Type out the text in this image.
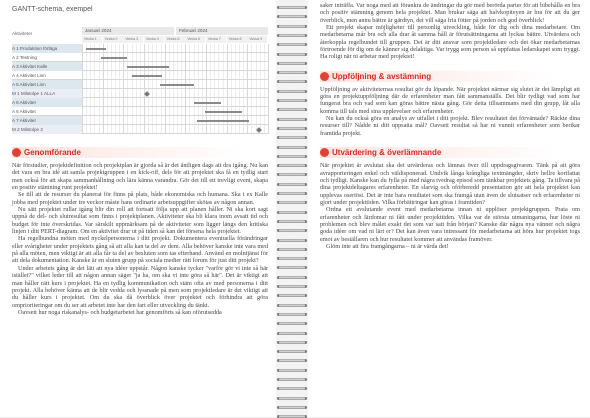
GANTT-schema, exempel
Aktiviteter
Januari 2024	Februari 2024
Vecka 1	Vecka 2	Vecka 3	Vecka 4	Vecka 5	Vecka 6	Vecka 7	Vecka 8	Vecka 9
A 1 Produktion förläga
A 2 Testning
A 3 Aktivitet Kalle
A 4 Aktivitet Linn
A 5 Aktivitet Linn
M 1 Milstolpe 1 ALLA
A 6 Aktivitet
A 6 Aktivitet
A 7 Aktivitet
M 2 Milstolpe 2
Genomförande

När förstudier, projektdefinition och projektplan är gjorda så är det äntligen dags att dra igång. Nu kan det vara en bra idé att samla projektgruppen i en kick-off, dels för att projektet ska få en tydlig start men också för att skapa sammanhållning och lära känna varandra. Gör det till ett trevligt event, skapa en positiv stämning runt projektet!

Se till att de resurser du planerat för finns på plats, både ekonomiska och humana. Ska t ex Kalle jobba med projektet under tre veckor måste hans ordinarie arbetsuppgifter skötas av någon annan.

Nu sätt projektet rullar igång blir din roll att fortsatt följa upp att planen håller. Ni ska kort sagt uppnå de del- och slutresultat som finns i projektplanen. Aktiviteter ska bli klara inom avsatt tid och budget för inte överskridas. Var särskilt uppmärksam på de aktiviteter som ligger längs den kritiska linjen i ditt PERT-diagram. Om en aktivitet drar ut på tiden så kan det försena hela projektet.

Ha regelbundna möten med nyckelpersonerna i ditt projekt. Dokumentera eventuella förändringar eller svårigheter under projektets gång så att alla kan ta del av dem. Alla behöver kanske inte vara med på alla möten, men viktigt är att alla får ta del av besluten som tas efterhand. Använd en molntjänst för att dela dokumentation. Kanske är en sluten grupp på sociala medier rätt forum för just ditt projekt?

Under arbetets gång är det lätt att nya idéer uppstår. Någon kanske tycker "varför gör vi inte så här istället?" vilket leder till att någon annan säger "ja ha, om ska vi inte göra så här". Det är viktigt att man håller rätt kurs i projektet. Ha en tydlig kommunikation och stäm ofta av med personerna i ditt projekt. Alla behöver känna att de blir vedda och lyssnade på men som projektledare är det viktigt att du håller kurs i projektet. Om du ska då överblick över projektet och förhindra att göra omprioriteringar om du ser att arbetet inte har den fart eller utveckling du tänkt.

Oavsett hur noga riskanalys- och budgetarbetet har genomförts så kan oförutsedda

saker inträffa. Var noga med att förankra de ändringar du gör med berörda parter för att bibehålla en bra och positiv stämning genom hela projektet. Man brukar säga att halvkopiteyen är bra för att du ger överblick, men annu bättre är gärdtyn, det vill säga fria fötter på jorden och god överblick!

Ett projekt skapar möjligheter till personlig utveckling, både för dig och dina medarbetare. Om medarbetarna mår bra och alla drar åt samma håll är förutsättningarna att lyckas bättre. Utvärdera och återkoppla regelbundet till gruppen. Det är ditt ansvar som projektledare och det ökar medarbetarnas förtroende för dig om de känner sig delaktiga. Var trygg som person så uppfattas ledarskapet som tryggt. Ha roligt när ni arbetar med projektet!

Uppföljning & avstämning

Uppföljning av aktiviteternas resultat gör du löpande. När projektet närmar sig slutet är det lämpligt att göra en projektuppföljning där de erfarenheter man fått sammanställs. Det blir tydligt vad som har fungerat bra och vad som kan göras bättre nästa gång. Gör detta tillsammans med din grupp, låt alla komma till tals med sina upplevelser och erfarenheter.

Nu kan du också göra en analys av utfallet i ditt projekt. Blev resultatet det förväntade? Räckte dina resurser till? Nådde ni ditt uppsatta mål? Oavsett resultat så har ni vunnit erfarenheter som berikar framtida projekt.

Utvärdering & överlämnande

När projektet är avslutat ska det utvärderas och lämnas över till uppdragsgivaren. Tänk på att göra avrapporteringen enkel och väldisponerad. Undvik långa krångliga textmängder, skriv hellre kortfattat och tydligt. Kanske kan du fylla på med några tvedrag episod som tänkbar projektets gång. Ta tillvara på dina projektdeltagares erfarenheter. En slarvig och oförberedd presentation gör att hela projektet kan upplevas oseriöst. Det är inte bara resultatet som ska framgå utan även de slutsatser och erfarenheter ni gjort under projekttiden. Vilka förbättringar kan göras i framtiden?

Ordna ett avslutande event med medarbetarna innan ni upplöser projektgruppen. Prata om erfarenheter och lärdomar ni fått under projekttiden. Vilka var de största utmaningarna, hur löste ni problemen och blev målet exakt det som var satt från början? Kanske där några nya vänner och några goda idéer om vad ni lärt er? Det kan även vara intressant för medarbetarna att höra hur projektet togs emot av beställaren och hur resultatet kommer att användas framöver.

Glöm inte att fira framgångarna – ni är värda det!
